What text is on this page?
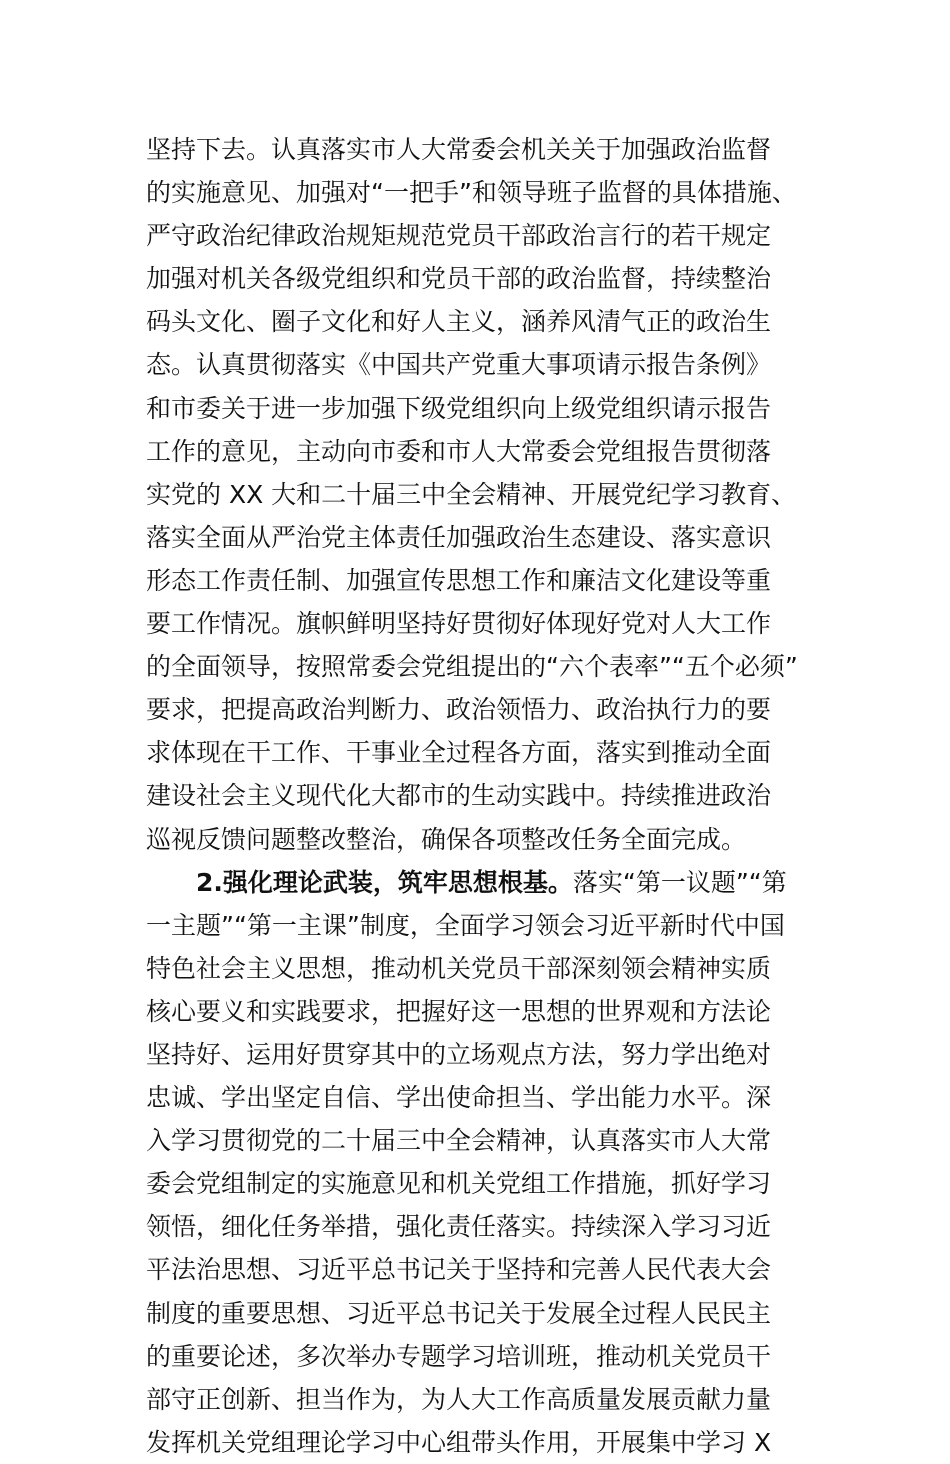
坚持下去。认真落实市人大常委会机关关于加强政治监督
的实施意见、加强对“一把手”和领导班子监督的具体措施、
严守政治纪律政治规矩规范党员干部政治言行的若干规定
加强对机关各级党组织和党员干部的政治监督，持续整治
码头文化、圈子文化和好人主义，涵养风清气正的政治生
态。认真贯彻落实《中国共产党重大事项请示报告条例》
和市委关于进一步加强下级党组织向上级党组织请示报告
工作的意见，主动向市委和市人大常委会党组报告贯彻落
实党的 XX 大和二十届三中全会精神、开展党纪学习教育、
落实全面从严治党主体责任加强政治生态建设、落实意识
形态工作责任制、加强宣传思想工作和廉洁文化建设等重
要工作情况。旗帜鲜明坚持好贯彻好体现好党对人大工作
的全面领导，按照常委会党组提出的“六个表率”“五个必须”
要求，把提高政治判断力、政治领悟力、政治执行力的要
求体现在干工作、干事业全过程各方面，落实到推动全面
建设社会主义现代化大都市的生动实践中。持续推进政治
巡视反馈问题整改整治，确保各项整改任务全面完成。
2.强化理论武装，筑牢思想根基。落实“第一议题”“第
一主题”“第一主课”制度，全面学习领会习近平新时代中国
特色社会主义思想，推动机关党员干部深刻领会精神实质
核心要义和实践要求，把握好这一思想的世界观和方法论
坚持好、运用好贯穿其中的立场观点方法，努力学出绝对
忠诚、学出坚定自信、学出使命担当、学出能力水平。深
入学习贯彻党的二十届三中全会精神，认真落实市人大常
委会党组制定的实施意见和机关党组工作措施，抓好学习
领悟，细化任务举措，强化责任落实。持续深入学习习近
平法治思想、习近平总书记关于坚持和完善人民代表大会
制度的重要思想、习近平总书记关于发展全过程人民民主
的重要论述，多次举办专题学习培训班，推动机关党员干
部守正创新、担当作为，为人大工作高质量发展贡献力量
发挥机关党组理论学习中心组带头作用，开展集中学习 X
